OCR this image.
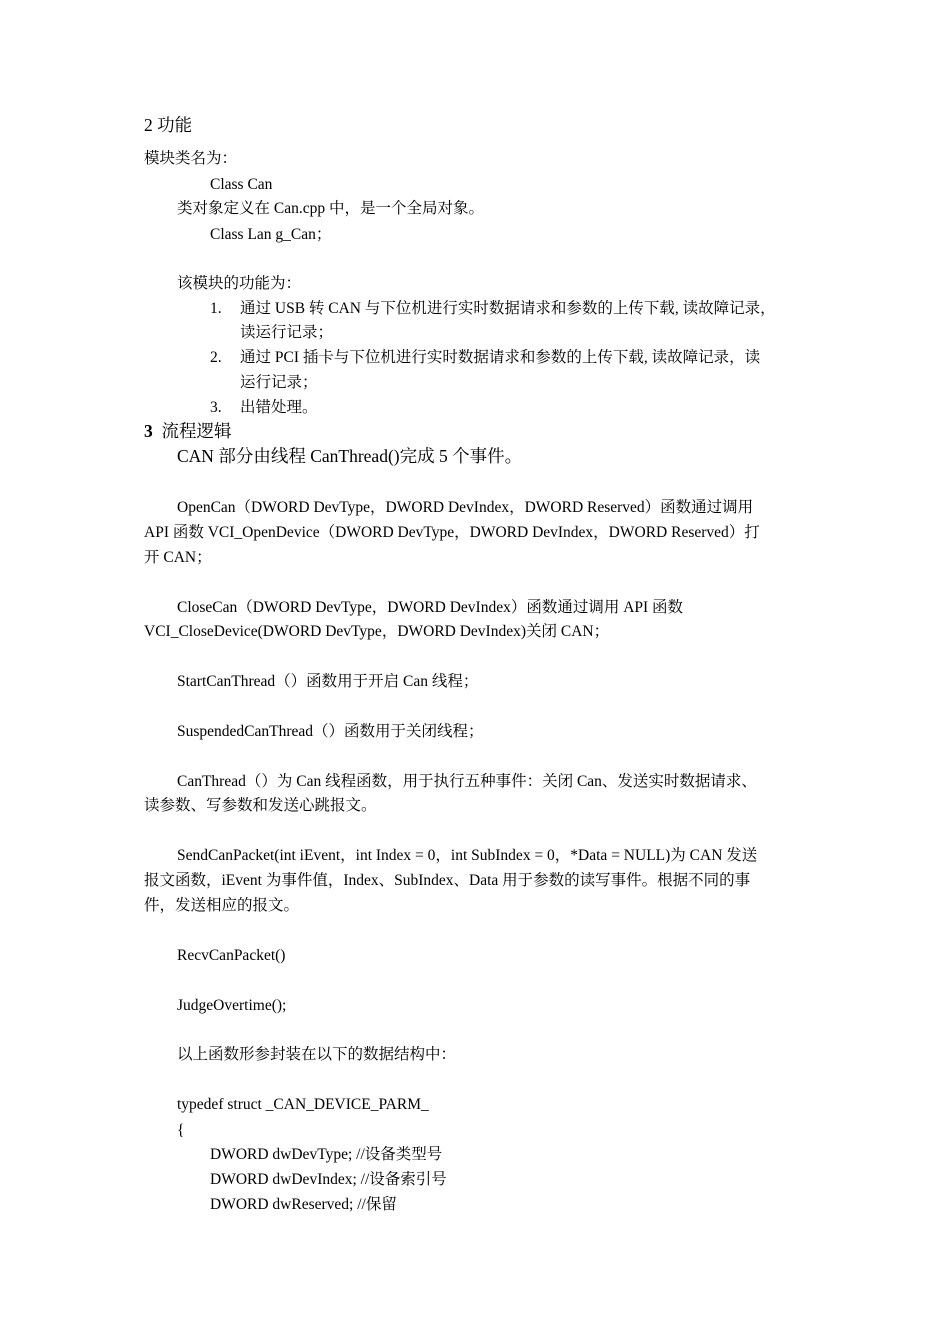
2 功能
模块类名为：
Class Can
类对象定义在 Can.cpp 中，是一个全局对象。
Class Lan g_Can；
该模块的功能为：
1. 通过 USB 转 CAN 与下位机进行实时数据请求和参数的上传下载, 读故障记录，
读运行记录；
2. 通过 PCI 插卡与下位机进行实时数据请求和参数的上传下载, 读故障记录，读
运行记录；
3. 出错处理。
3 流程逻辑
CAN 部分由线程 CanThread()完成 5 个事件。
OpenCan（DWORD DevType，DWORD DevIndex，DWORD Reserved）函数通过调用
API 函数 VCI_OpenDevice（DWORD DevType，DWORD DevIndex，DWORD Reserved）打
开 CAN；
CloseCan（DWORD DevType，DWORD DevIndex）函数通过调用 API 函数
VCI_CloseDevice(DWORD DevType，DWORD DevIndex)关闭 CAN；
StartCanThread（）函数用于开启 Can 线程；
SuspendedCanThread（）函数用于关闭线程；
CanThread（）为 Can 线程函数，用于执行五种事件：关闭 Can、发送实时数据请求、
读参数、写参数和发送心跳报文。
SendCanPacket(int iEvent，int Index = 0，int SubIndex = 0，*Data = NULL)为 CAN 发送
报文函数，iEvent 为事件值，Index、SubIndex、Data 用于参数的读写事件。根据不同的事
件，发送相应的报文。
RecvCanPacket()
JudgeOvertime();
以上函数形参封装在以下的数据结构中：
typedef struct _CAN_DEVICE_PARM_
{
DWORD dwDevType; //设备类型号
DWORD dwDevIndex; //设备索引号
DWORD dwReserved; //保留
